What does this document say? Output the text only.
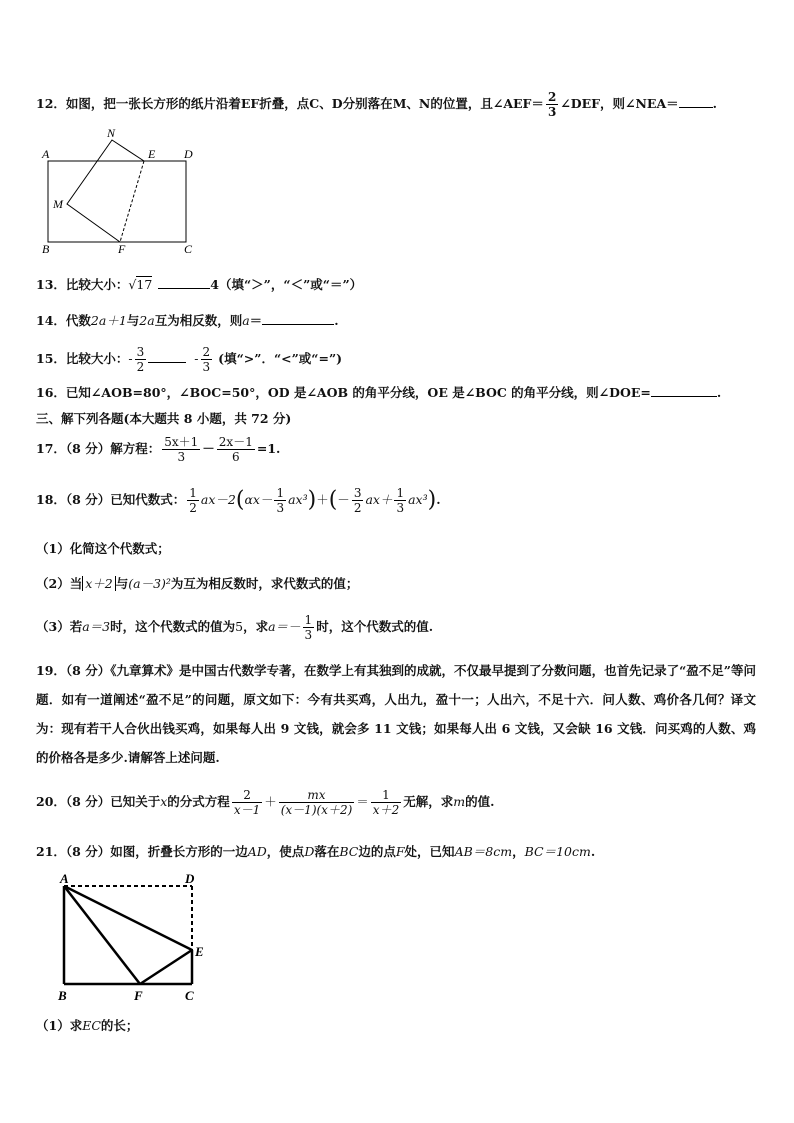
12．如图，把一张长方形的纸片沿着EF折叠，点C、D分别落在M、N的位置，且∠AEF＝ $\frac{2}{3}$ ∠DEF，则∠NEA＝	.
A
B	C
D
E
F
M
N
13．比较大小：√17	4（填“＞”，“＜”或“＝”）
14．代数2a＋1与2a互为相反数，则a＝	.
15．比较大小：- $\frac{3}{2}$	- $\frac{2}{3}$ (填“>”．“<”或“=”)
16．已知∠AOB=80°，∠BOC=50°，OD 是∠AOB 的角平分线，OE 是∠BOC 的角平分线，则∠DOE=	.
三、解下列各题(本大题共 8 小题，共 72 分)
17．（8 分）解方程： $\frac{5x+1}{3} - \frac{2x-1}{6} =1$.
18．（8 分）已知代数式： $\frac{1}{2} ax-2(\alpha x- \frac{1}{3} ax^3)+(- \frac{3}{2} ax+ \frac{1}{3} ax^3)$.
（1）化简这个代数式；
（2）当 x＋2 与(a－3)²为互为相反数时，求代数式的值；
（3）若a＝3时，这个代数式的值为5，求$a=- \frac{1}{3}$ 时，这个代数式的值.
19．（8 分）《九章算术》是中国古代数学专著，在数学上有其独到的成就，不仅最早提到了分数问题，也首先记录了“盈不足”等问题．如有一道阐述“盈不足”的问题，原文如下：今有共买鸡，人出九，盈十一；人出六，不足十六．问人数、鸡价各几何？译文为：现有若干人合伙出钱买鸡，如果每人出 9 文钱，就会多 11 文钱；如果每人出 6 文钱，又会缺 16 文钱．问买鸡的人数、鸡的价格各是多少.请解答上述问题.
20．（8 分）已知关于x的分式方程 $\frac{2}{x-1} + \frac{mx}{(x-1)(x+2)} = \frac{1}{x+2}$ 无解，求m的值.
21．（8 分）如图，折叠长方形的一边AD，使点D落在BC边的点F处，已知AB＝8cm，BC＝10cm.
A	D
E
B	F	C
（1）求EC的长；
